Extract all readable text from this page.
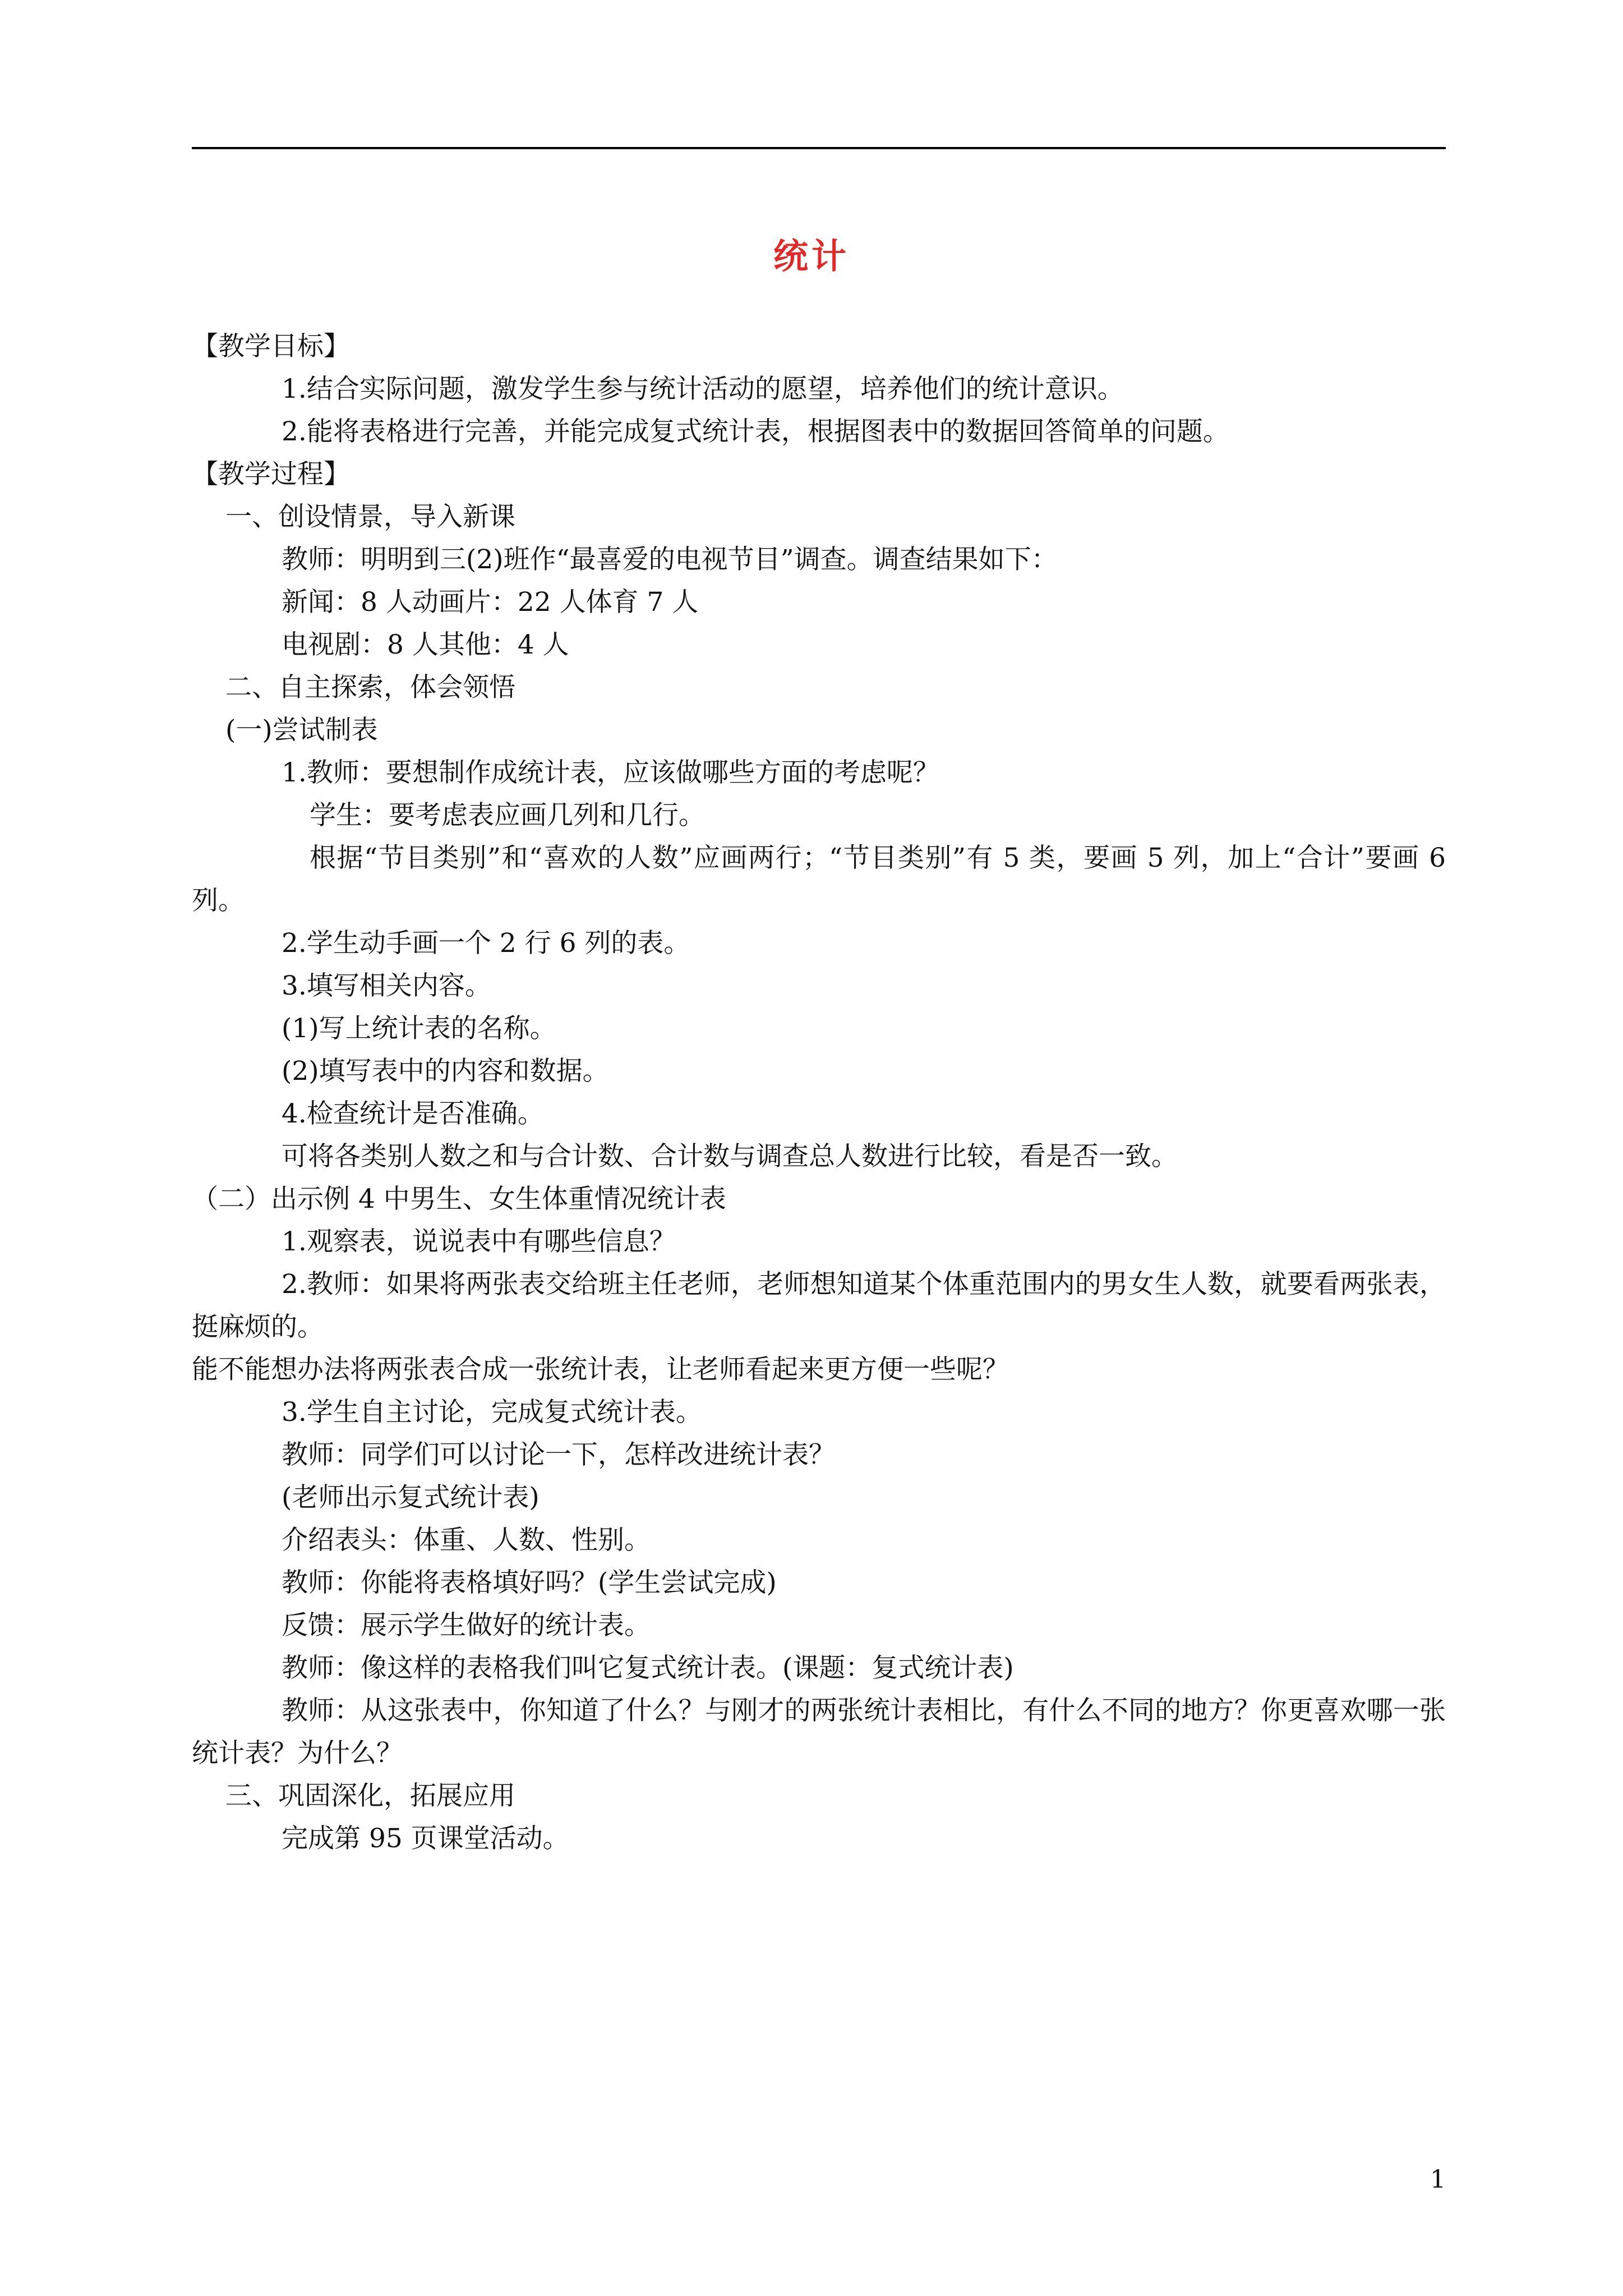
统计

【教学目标】

1.结合实际问题，激发学生参与统计活动的愿望，培养他们的统计意识。

2.能将表格进行完善，并能完成复式统计表，根据图表中的数据回答简单的问题。

【教学过程】

一、创设情景，导入新课

教师：明明到三(2)班作“最喜爱的电视节目”调查。调查结果如下：

新闻：8 人动画片：22 人体育 7 人

电视剧：8 人其他：4 人

二、自主探索，体会领悟

(一)尝试制表

1.教师：要想制作成统计表，应该做哪些方面的考虑呢？

学生：要考虑表应画几列和几行。

根据“节目类别”和“喜欢的人数”应画两行；“节目类别”有 5 类，要画 5 列，加上“合计”要画 6 列。

2.学生动手画一个 2 行 6 列的表。

3.填写相关内容。

(1)写上统计表的名称。

(2)填写表中的内容和数据。

4.检查统计是否准确。

可将各类别人数之和与合计数、合计数与调查总人数进行比较，看是否一致。

（二）出示例 4 中男生、女生体重情况统计表

1.观察表，说说表中有哪些信息？

2.教师：如果将两张表交给班主任老师，老师想知道某个体重范围内的男女生人数，就要看两张表，挺麻烦的。

能不能想办法将两张表合成一张统计表，让老师看起来更方便一些呢？

3.学生自主讨论，完成复式统计表。

教师：同学们可以讨论一下，怎样改进统计表？

(老师出示复式统计表)

介绍表头：体重、人数、性别。

教师：你能将表格填好吗？(学生尝试完成)

反馈：展示学生做好的统计表。

教师：像这样的表格我们叫它复式统计表。(课题：复式统计表)

教师：从这张表中，你知道了什么？与刚才的两张统计表相比，有什么不同的地方？你更喜欢哪一张统计表？为什么？

三、巩固深化，拓展应用

完成第 95 页课堂活动。

1
